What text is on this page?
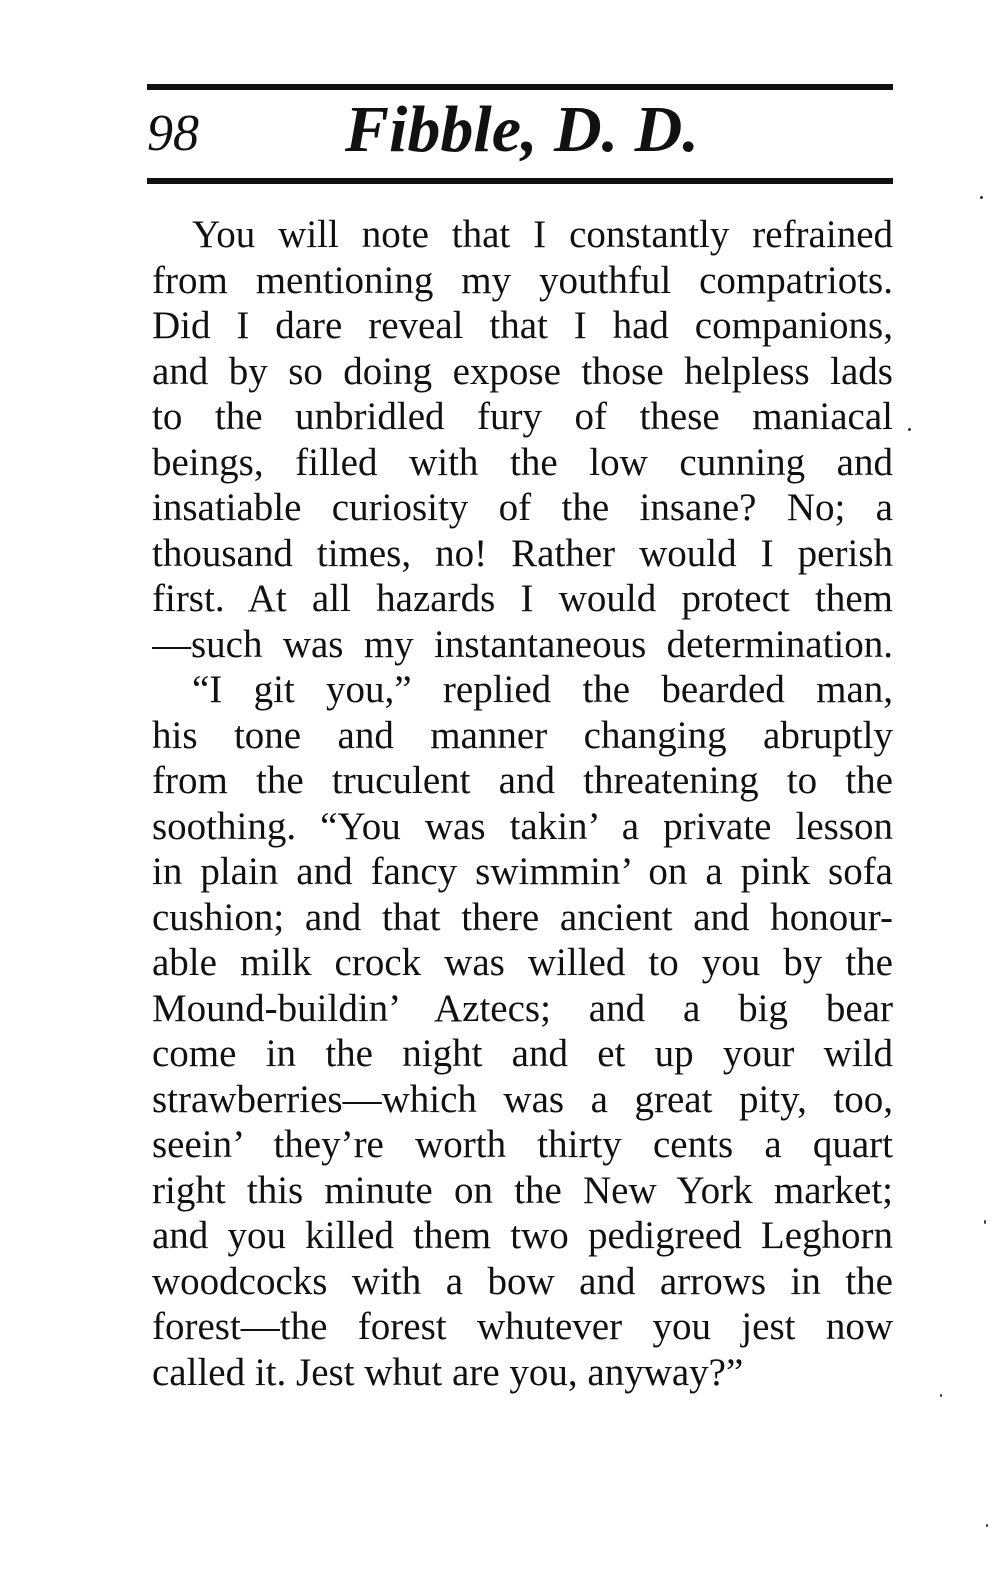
98 Fibble, D. D.

You will note that I constantly refrained
from mentioning my youthful compatriots.
Did I dare reveal that I had companions,
and by so doing expose those helpless lads
to the unbridled fury of these maniacal
beings, filled with the low cunning and
insatiable curiosity of the insane? No; a
thousand times, no! Rather would I perish
first. At all hazards I would protect them
—such was my instantaneous determination.

“I git you,” replied the bearded man,
his tone and manner changing abruptly
from the truculent and threatening to the
soothing. “You was takin’ a private lesson
in plain and fancy swimmin’ on a pink sofa
cushion; and that there ancient and honour-
able milk crock was willed to you by the
Mound-buildin’ Aztecs; and a big bear
come in the night and et up your wild
strawberries—which was a great pity, too,
seein’ they’re worth thirty cents a quart
right this minute on the New York market;
and you killed them two pedigreed Leghorn
woodcocks with a bow and arrows in the
forest—the forest whutever you jest now
called it. Jest whut are you, anyway?”
